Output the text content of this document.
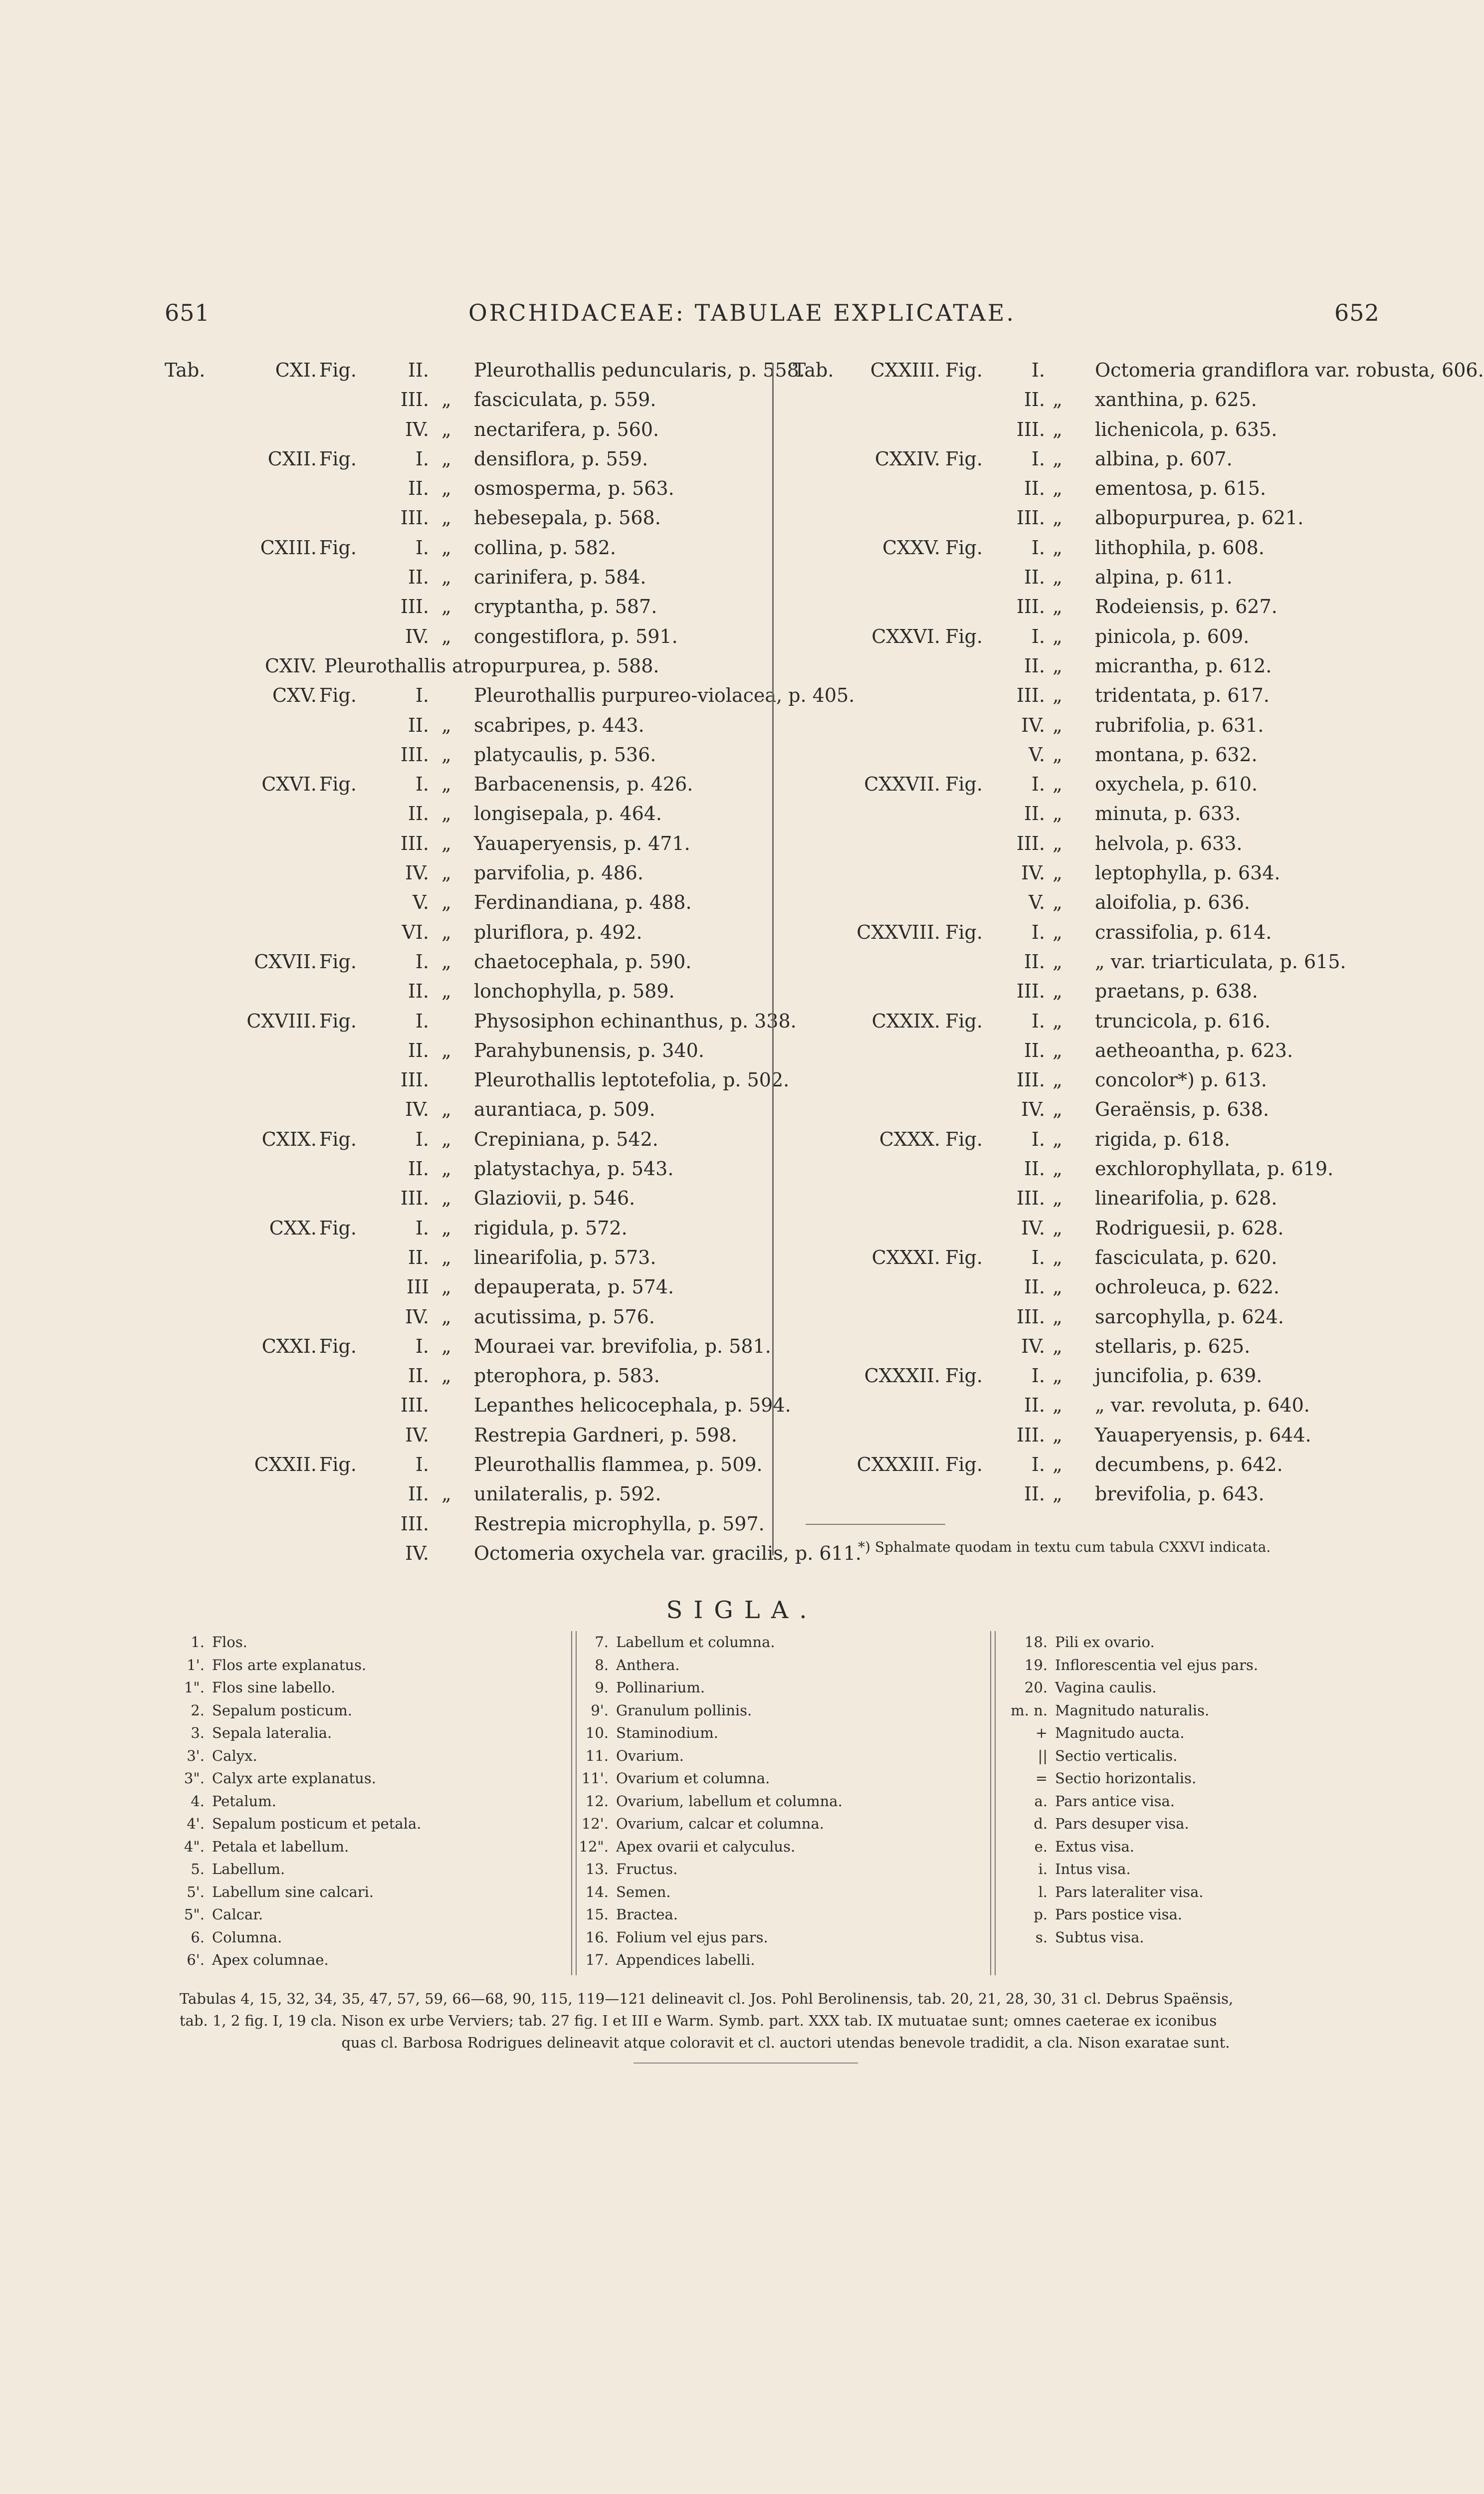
651	ORCHIDACEAE: TABULAE EXPLICATAE.	652
Tab.	CXI. Fig.	II. Pleurothallis peduncularis, p. 558.
III. „ fasciculata, p. 559.
IV. „ nectarifera, p. 560.
CXII. Fig.	I. „ densiflora, p. 559.
II. „ osmosperma, p. 563.
III. „ hebesepala, p. 568.
CXIII. Fig.	I. „ collina, p. 582.
II. „ carinifera, p. 584.
III. „ cryptantha, p. 587.
IV. „ congestiflora, p. 591.
CXIV. Pleurothallis atropurpurea, p. 588.
CXV. Fig.	I. Pleurothallis purpureo-violacea, p. 405.
II. „ scabripes, p. 443.
III. „ platycaulis, p. 536.
CXVI. Fig.	I. „ Barbacenensis, p. 426.
II. „ longisepala, p. 464.
III. „ Yauaperyensis, p. 471.
IV. „ parvifolia, p. 486.
V. „ Ferdinandiana, p. 488.
VI. „ pluriflora, p. 492.
CXVII. Fig.	I. „ chaetocephala, p. 590.
II. „ lonchophylla, p. 589.
CXVIII. Fig.	I. Physosiphon echinanthus, p. 338.
II. „ Parahybunensis, p. 340.
III. Pleurothallis leptotefolia, p. 502.
IV. „ aurantiaca, p. 509.
CXIX. Fig.	I. „ Crepiniana, p. 542.
II. „ platystachya, p. 543.
III. „ Glaziovii, p. 546.
CXX. Fig.	I. „ rigidula, p. 572.
II. „ linearifolia, p. 573.
III „ depauperata, p. 574.
IV. „ acutissima, p. 576.
CXXI. Fig.	I. „ Mouraei var. brevifolia, p. 581.
II. „ pterophora, p. 583.
III. Lepanthes helicocephala, p. 594.
IV. Restrepia Gardneri, p. 598.
CXXII. Fig.	I. Pleurothallis flammea, p. 509.
II. „ unilateralis, p. 592.
III. Restrepia microphylla, p. 597.
IV. Octomeria oxychela var. gracilis, p. 611.
Tab.	CXXIII. Fig.	I.	Octomeria grandiflora var. robusta, 606.
II. „ xanthina, p. 625.
III. „ lichenicola, p. 635.
CXXIV. Fig.	I. „ albina, p. 607.
II. „ ementosa, p. 615.
III. „ albopurpurea, p. 621.
CXXV. Fig.	I. „ lithophila, p. 608.
II. „ alpina, p. 611.
III. „ Rodeiensis, p. 627.
CXXVI. Fig.	I. „ pinicola, p. 609.
II. „ micrantha, p. 612.
III. „ tridentata, p. 617.
IV. „ rubrifolia, p. 631.
V. „ montana, p. 632.
CXXVII. Fig.	I. „ oxychela, p. 610.
II. „ minuta, p. 633.
III. „ helvola, p. 633.
IV. „ leptophylla, p. 634.
V. „ aloifolia, p. 636.
CXXVIII. Fig.	I. „ crassifolia, p. 614.
II. „ „ var. triarticulata, p. 615.
III. „ praetans, p. 638.
CXXIX. Fig.	I. „ truncicola, p. 616.
II. „ aetheoantha, p. 623.
III. „ concolor*) p. 613.
IV. „ Geraënsis, p. 638.
CXXX. Fig.	I. „ rigida, p. 618.
II. „ exchlorophyllata, p. 619.
III. „ linearifolia, p. 628.
IV. „ Rodriguesii, p. 628.
CXXXI. Fig.	I. „ fasciculata, p. 620.
II. „ ochroleuca, p. 622.
III. „ sarcophylla, p. 624.
IV. „ stellaris, p. 625.
CXXXII. Fig.	I. „ juncifolia, p. 639.
II. „ „ var. revoluta, p. 640.
III. „ Yauaperyensis, p. 644.
CXXXIII. Fig.	I. „ decumbens, p. 642.
II. „ brevifolia, p. 643.
*) Sphalmate quodam in textu cum tabula CXXVI indicata.
SIGLA.
1. Flos.
1'. Flos arte explanatus.
1". Flos sine labello.
2. Sepalum posticum.
3. Sepala lateralia.
3'. Calyx.
3". Calyx arte explanatus.
4. Petalum.
4'. Sepalum posticum et petala.
4". Petala et labellum.
5. Labellum.
5'. Labellum sine calcari.
5". Calcar.
6. Columna.
6'. Apex columnae.
7. Labellum et columna.
8. Anthera.
9. Pollinarium.
9'. Granulum pollinis.
10. Staminodium.
11. Ovarium.
11'. Ovarium et columna.
12. Ovarium, labellum et columna.
12'. Ovarium, calcar et columna.
12". Apex ovarii et calyculus.
13. Fructus.
14. Semen.
15. Bractea.
16. Folium vel ejus pars.
17. Appendices labelli.
18. Pili ex ovario.
19. Inflorescentia vel ejus pars.
20. Vagina caulis.
m. n. Magnitudo naturalis.
+ Magnitudo aucta.
|| Sectio verticalis.
= Sectio horizontalis.
a. Pars antice visa.
d. Pars desuper visa.
e. Extus visa.
i. Intus visa.
l. Pars lateraliter visa.
p. Pars postice visa.
s. Subtus visa.

Tabulas 4, 15, 32, 34, 35, 47, 57, 59, 66—68, 90, 115, 119—121 delineavit cl. Jos. Pohl Berolinensis, tab. 20, 21, 28, 30, 31 cl. Debrus Spaënsis,

tab. 1, 2 fig. I, 19 cla. Nison ex urbe Verviers; tab. 27 fig. I et III e Warm. Symb. part. XXX tab. IX mutuatae sunt; omnes caeterae ex iconibus

quas cl. Barbosa Rodrigues delineavit atque coloravit et cl. auctori utendas benevole tradidit, a cla. Nison exaratae sunt.
